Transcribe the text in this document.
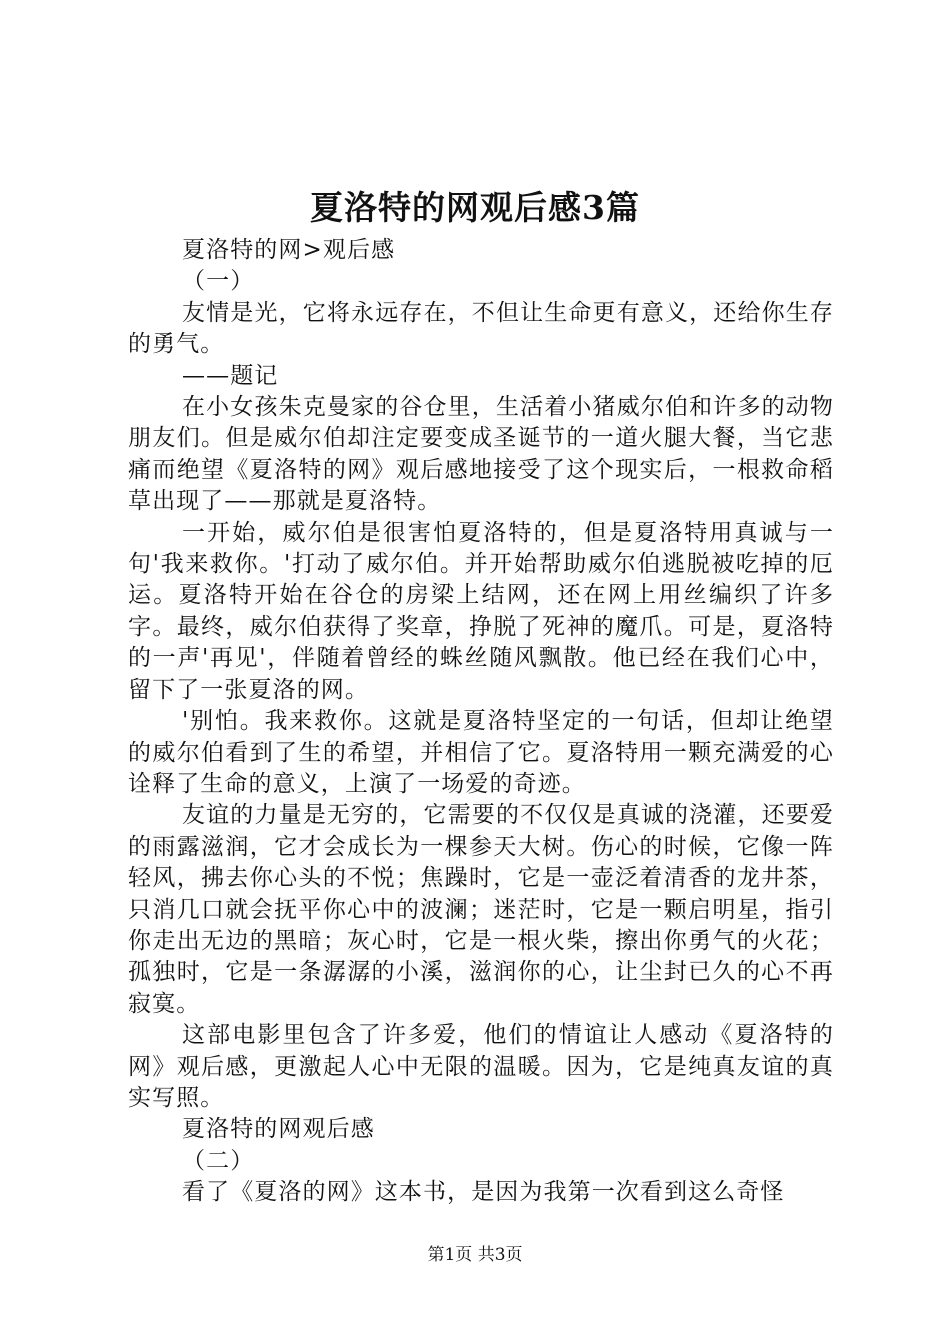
夏洛特的网观后感3篇

夏洛特的网>观后感

（一）

友情是光，它将永远存在，不但让生命更有意义，还给你生存的勇气。

——题记

在小女孩朱克曼家的谷仓里，生活着小猪威尔伯和许多的动物朋友们。但是威尔伯却注定要变成圣诞节的一道火腿大餐，当它悲痛而绝望《夏洛特的网》观后感地接受了这个现实后，一根救命稻草出现了——那就是夏洛特。

一开始，威尔伯是很害怕夏洛特的，但是夏洛特用真诚与一句'我来救你。'打动了威尔伯。并开始帮助威尔伯逃脱被吃掉的厄运。夏洛特开始在谷仓的房梁上结网，还在网上用丝编织了许多字。最终，威尔伯获得了奖章，挣脱了死神的魔爪。可是，夏洛特的一声'再见'，伴随着曾经的蛛丝随风飘散。他已经在我们心中，留下了一张夏洛的网。

'别怕。我来救你。这就是夏洛特坚定的一句话，但却让绝望的威尔伯看到了生的希望，并相信了它。夏洛特用一颗充满爱的心诠释了生命的意义，上演了一场爱的奇迹。

友谊的力量是无穷的，它需要的不仅仅是真诚的浇灌，还要爱的雨露滋润，它才会成长为一棵参天大树。伤心的时候，它像一阵轻风，拂去你心头的不悦；焦躁时，它是一壶泛着清香的龙井茶，只消几口就会抚平你心中的波澜；迷茫时，它是一颗启明星，指引你走出无边的黑暗；灰心时，它是一根火柴，擦出你勇气的火花；孤独时，它是一条潺潺的小溪，滋润你的心，让尘封已久的心不再寂寞。

这部电影里包含了许多爱，他们的情谊让人感动《夏洛特的网》观后感，更激起人心中无限的温暖。因为，它是纯真友谊的真实写照。

夏洛特的网观后感

（二）

看了《夏洛的网》这本书，是因为我第一次看到这么奇怪

第1页 共3页
